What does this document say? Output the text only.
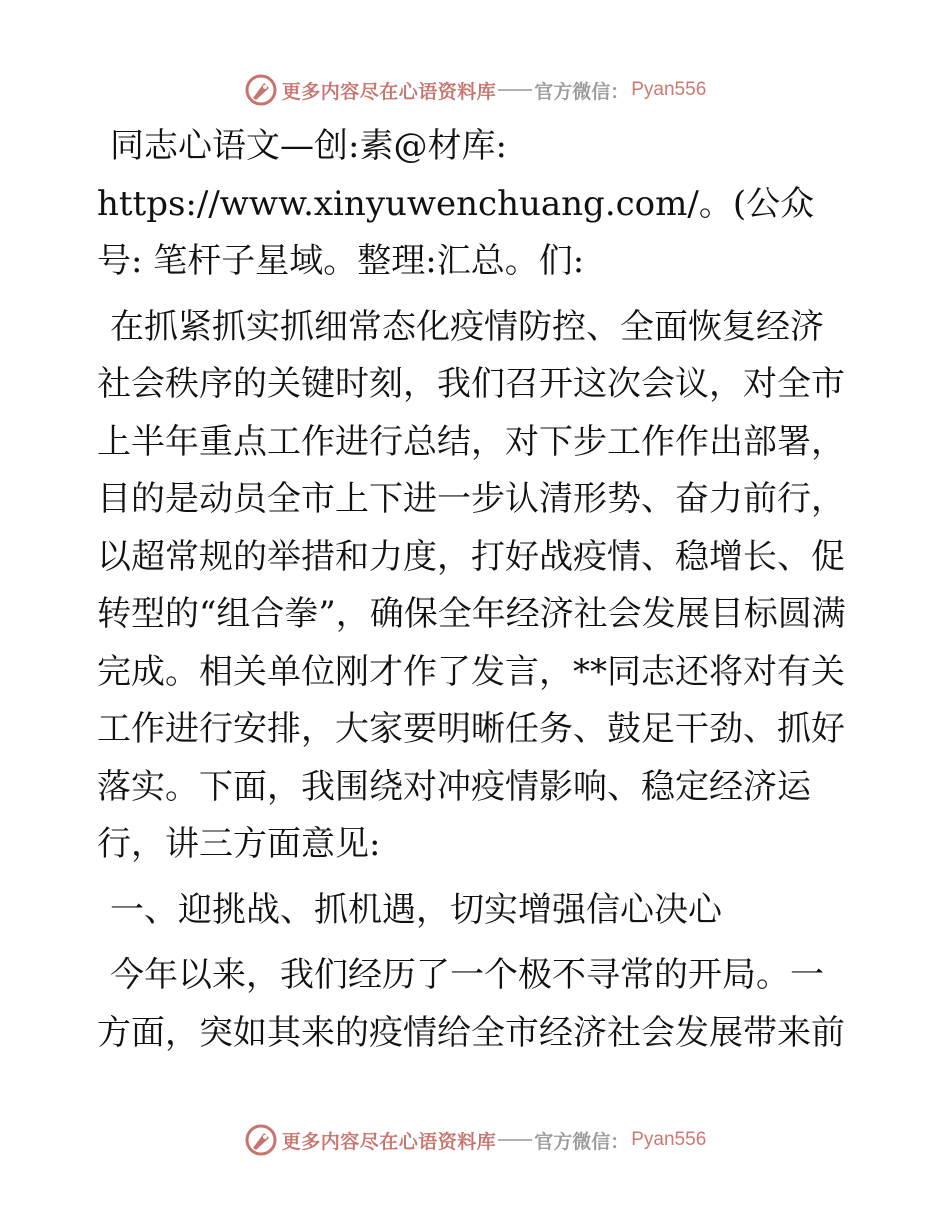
更多内容尽在心语资料库 官方微信： Pyan556

同志心语文—创:素@材库: https://www.xinyuwenchuang.com/。(公众号: 笔杆子星域。整理:汇总。们:

在抓紧抓实抓细常态化疫情防控、全面恢复经济社会秩序的关键时刻，我们召开这次会议，对全市上半年重点工作进行总结，对下步工作作出部署，目的是动员全市上下进一步认清形势、奋力前行，以超常规的举措和力度，打好战疫情、稳增长、促转型的“组合拳”，确保全年经济社会发展目标圆满完成。相关单位刚才作了发言，**同志还将对有关工作进行安排，大家要明晰任务、鼓足干劲、抓好落实。下面，我围绕对冲疫情影响、稳定经济运行，讲三方面意见:

一、迎挑战、抓机遇，切实增强信心决心

今年以来，我们经历了一个极不寻常的开局。一方面，突如其来的疫情给全市经济社会发展带来前

更多内容尽在心语资料库 官方微信： Pyan556
